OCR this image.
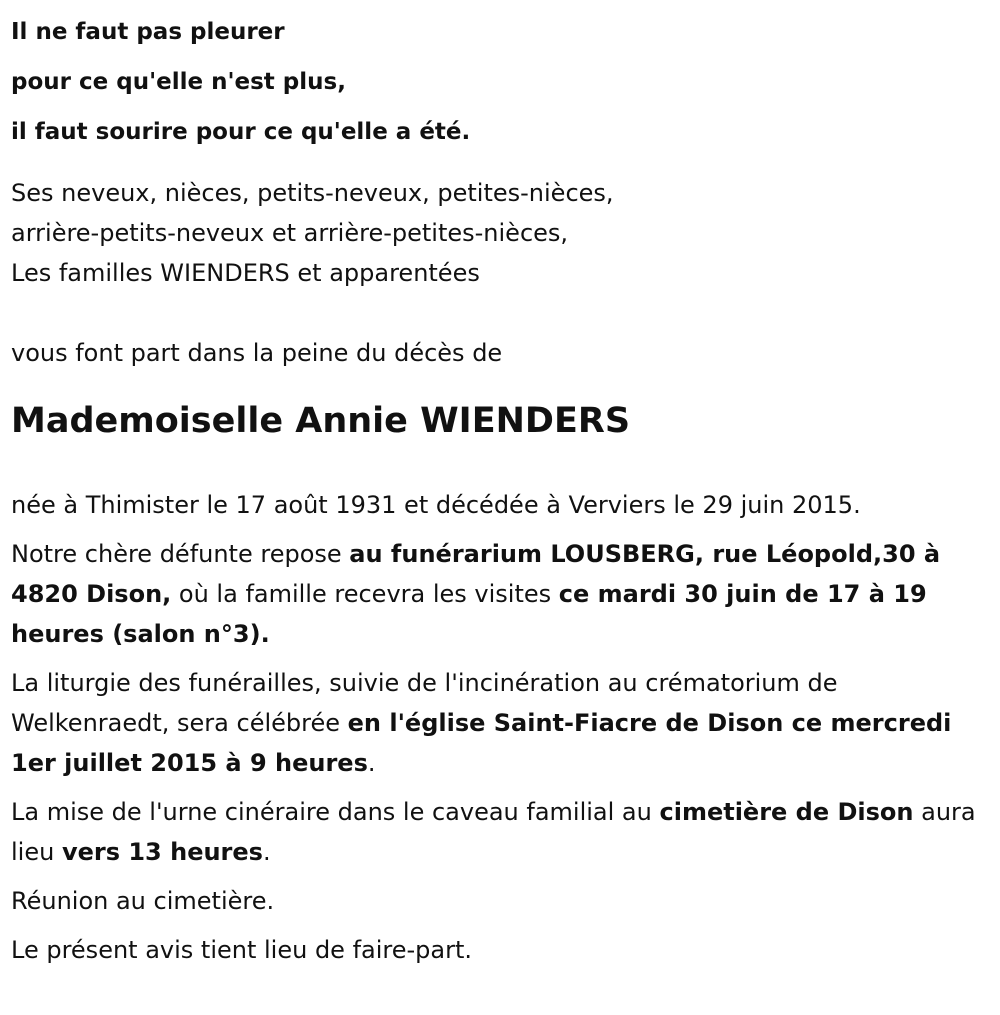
Il ne faut pas pleurer

pour ce qu'elle n'est plus,

il faut sourire pour ce qu'elle a été.

Ses neveux, nièces, petits-neveux, petites-nièces,

arrière-petits-neveux et arrière-petites-nièces,

Les familles WIENDERS et apparentées

vous font part dans la peine du décès de

Mademoiselle Annie WIENDERS

née à Thimister le 17 août 1931 et décédée à Verviers le 29 juin 2015.

Notre chère défunte repose au funérarium LOUSBERG, rue Léopold,30 à 4820 Dison, où la famille recevra les visites ce mardi 30 juin de 17 à 19 heures (salon n°3).

La liturgie des funérailles, suivie de l'incinération au crématorium de Welkenraedt, sera célébrée en l'église Saint-Fiacre de Dison ce mercredi 1er juillet 2015 à 9 heures.

La mise de l'urne cinéraire dans le caveau familial au cimetière de Dison aura lieu vers 13 heures.

Réunion au cimetière.

Le présent avis tient lieu de faire-part.
